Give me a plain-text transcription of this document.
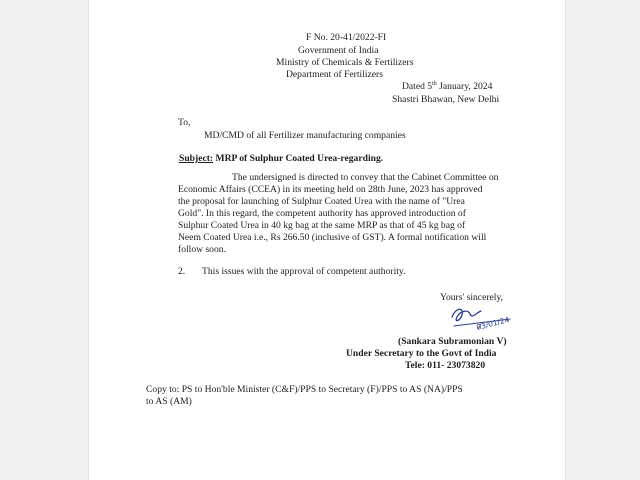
F No. 20-41/2022-FI
Government of India
Ministry of Chemicals & Fertilizers
Department of Fertilizers
Dated 5th January, 2024
Shastri Bhawan, New Delhi
To,
MD/CMD of all Fertilizer manufacturing companies
Subject: MRP of Sulphur Coated Urea-regarding.
The undersigned is directed to convey that the Cabinet Committee on
Economic Affairs (CCEA) in its meeting held on 28th June, 2023 has approved
the proposal for launching of Sulphur Coated Urea with the name of "Urea
Gold". In this regard, the competent authority has approved introduction of
Sulphur Coated Urea in 40 kg bag at the same MRP as that of 45 kg bag of
Neem Coated Urea i.e., Rs 266.50 (inclusive of GST). A formal notification will
follow soon.
2. This issues with the approval of competent authority.
Yours' sincerely,
03/01/24
(Sankara Subramonian V)
Under Secretary to the Govt of India
Tele: 011- 23073820
Copy to: PS to Hon'ble Minister (C&F)/PPS to Secretary (F)/PPS to AS (NA)/PPS
to AS (AM)
